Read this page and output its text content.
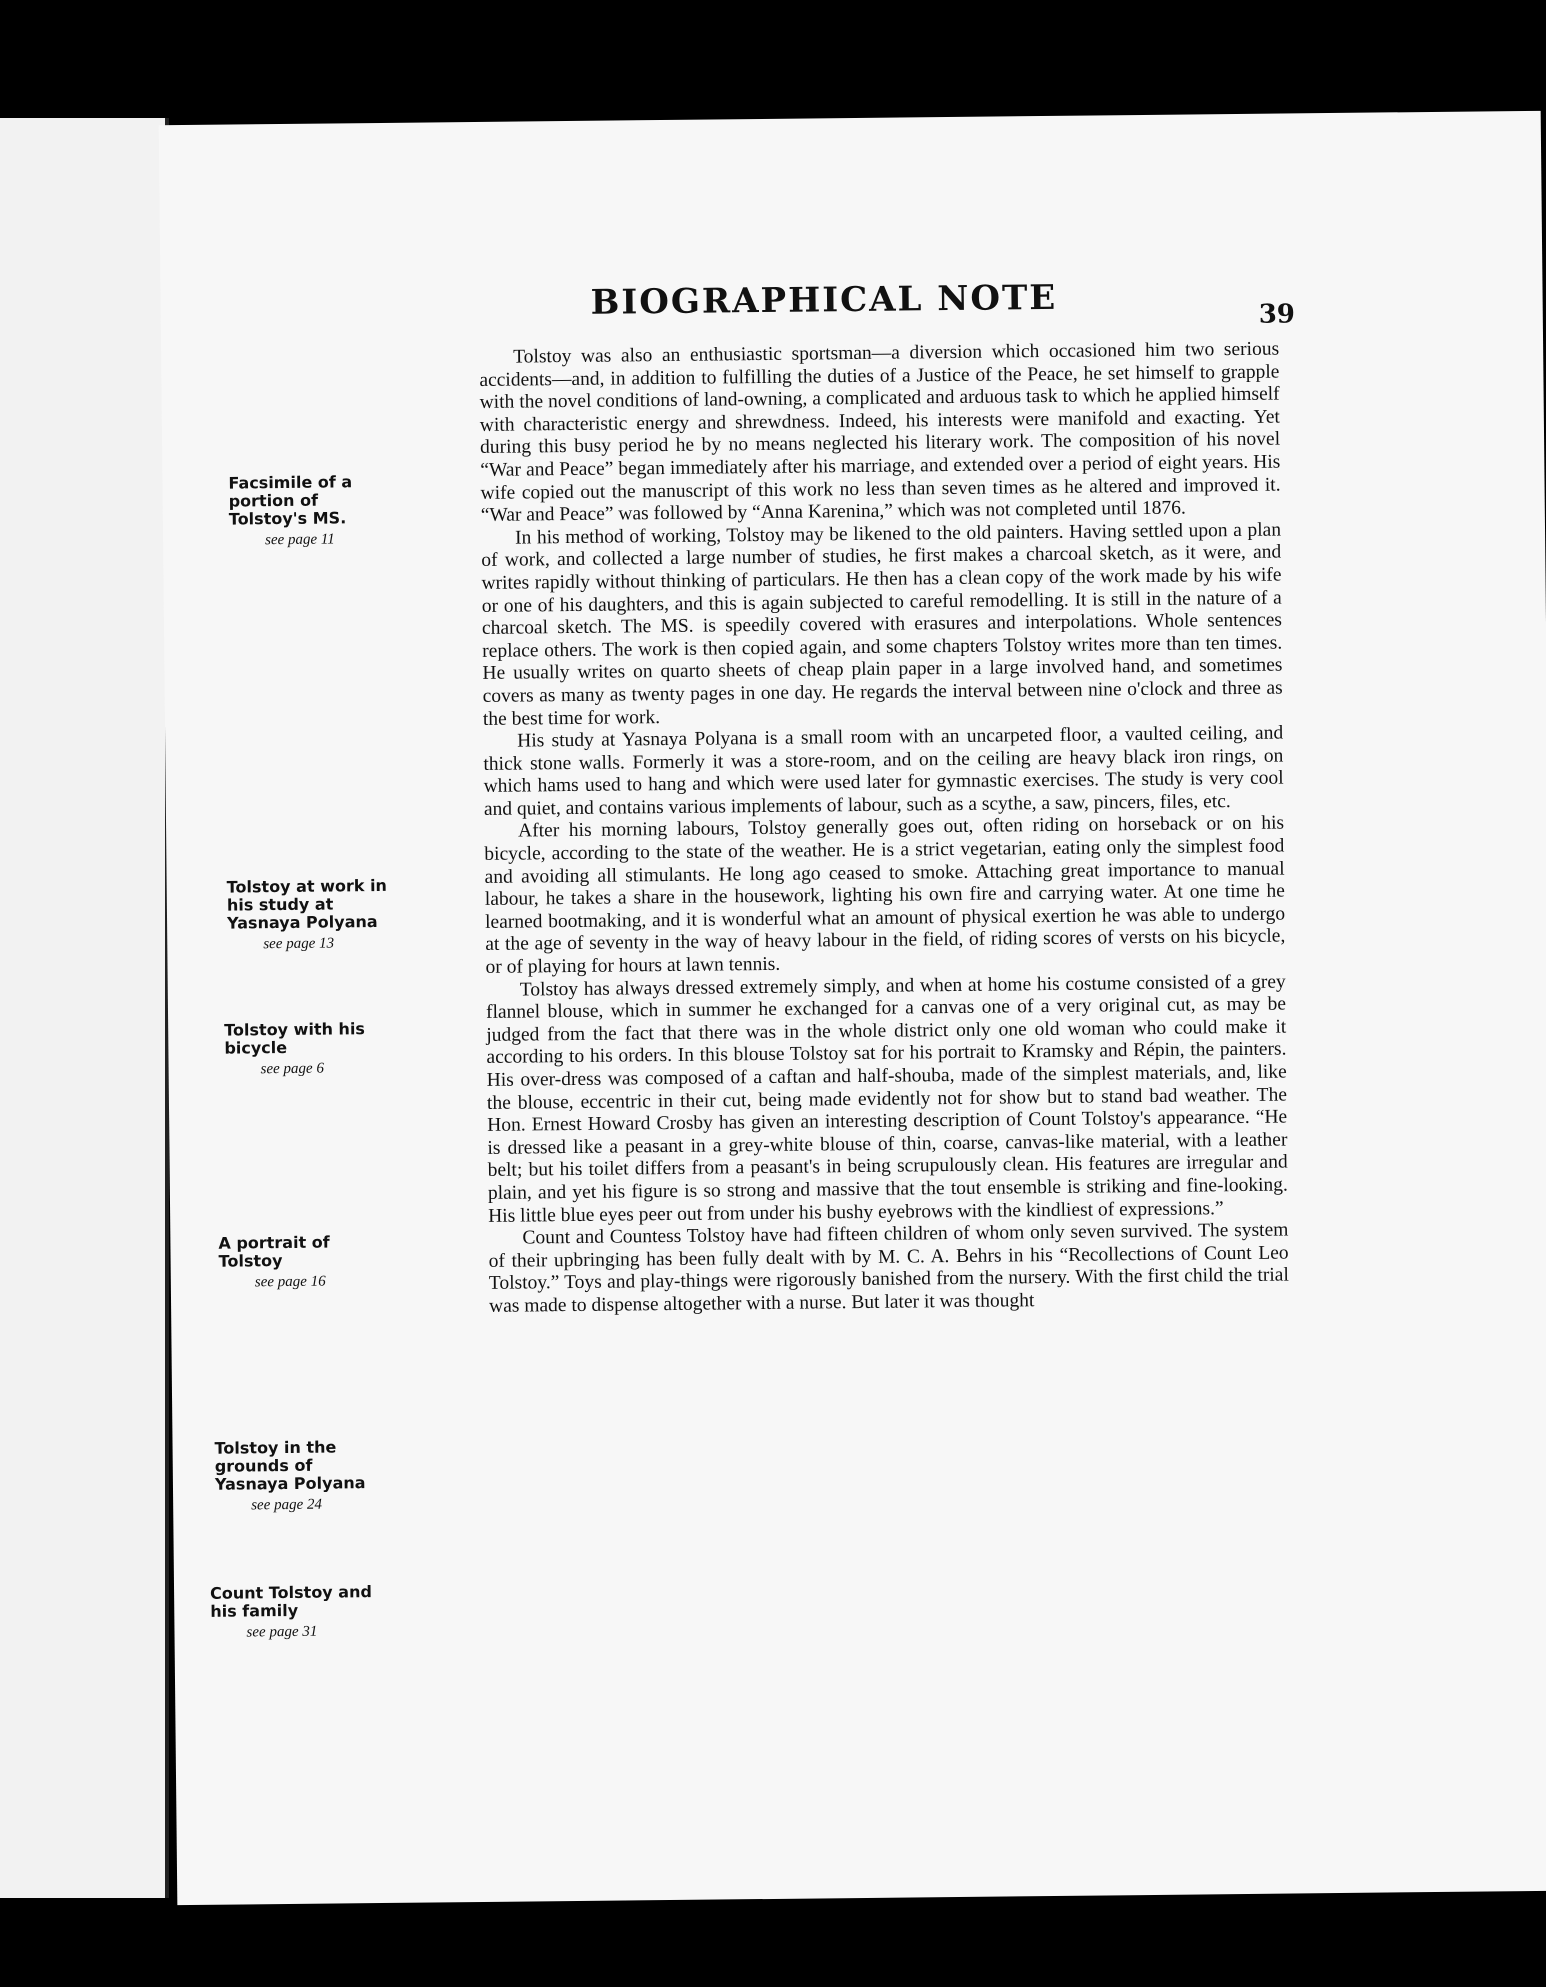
BIOGRAPHICAL NOTE	39
Facsimile of a portion of Tolstoy's MS.
see page 11
Tolstoy at work in his study at Yasnaya Polyana
see page 13
Tolstoy with his bicycle
see page 6
A portrait of Tolstoy
see page 16
Tolstoy in the grounds of Yasnaya Polyana
see page 24
Count Tolstoy and his family
see page 31

Tolstoy was also an enthusiastic sportsman—a diversion which occasioned him two serious accidents—and, in addition to fulfilling the duties of a Justice of the Peace, he set himself to grapple with the novel conditions of land-owning, a complicated and arduous task to which he applied himself with characteristic energy and shrewdness. Indeed, his interests were manifold and exacting. Yet during this busy period he by no means neglected his literary work. The composition of his novel “War and Peace” began immediately after his marriage, and extended over a period of eight years. His wife copied out the manuscript of this work no less than seven times as he altered and improved it. “War and Peace” was followed by “Anna Karenina,” which was not completed until 1876.

In his method of working, Tolstoy may be likened to the old painters. Having settled upon a plan of work, and collected a large number of studies, he first makes a charcoal sketch, as it were, and writes rapidly without thinking of particulars. He then has a clean copy of the work made by his wife or one of his daughters, and this is again subjected to careful remodelling. It is still in the nature of a charcoal sketch. The MS. is speedily covered with erasures and interpolations. Whole sentences replace others. The work is then copied again, and some chapters Tolstoy writes more than ten times. He usually writes on quarto sheets of cheap plain paper in a large involved hand, and sometimes covers as many as twenty pages in one day. He regards the interval between nine o'clock and three as the best time for work.

His study at Yasnaya Polyana is a small room with an uncarpeted floor, a vaulted ceiling, and thick stone walls. Formerly it was a store-room, and on the ceiling are heavy black iron rings, on which hams used to hang and which were used later for gymnastic exercises. The study is very cool and quiet, and contains various implements of labour, such as a scythe, a saw, pincers, files, etc.

After his morning labours, Tolstoy generally goes out, often riding on horseback or on his bicycle, according to the state of the weather. He is a strict vegetarian, eating only the simplest food and avoiding all stimulants. He long ago ceased to smoke. Attaching great importance to manual labour, he takes a share in the housework, lighting his own fire and carrying water. At one time he learned bootmaking, and it is wonderful what an amount of physical exertion he was able to undergo at the age of seventy in the way of heavy labour in the field, of riding scores of versts on his bicycle, or of playing for hours at lawn tennis.

Tolstoy has always dressed extremely simply, and when at home his costume consisted of a grey flannel blouse, which in summer he exchanged for a canvas one of a very original cut, as may be judged from the fact that there was in the whole district only one old woman who could make it according to his orders. In this blouse Tolstoy sat for his portrait to Kramsky and Répin, the painters. His over-dress was composed of a caftan and half-shouba, made of the simplest materials, and, like the blouse, eccentric in their cut, being made evidently not for show but to stand bad weather. The Hon. Ernest Howard Crosby has given an interesting description of Count Tolstoy's appearance. “He is dressed like a peasant in a grey-white blouse of thin, coarse, canvas-like material, with a leather belt; but his toilet differs from a peasant's in being scrupulously clean. His features are irregular and plain, and yet his figure is so strong and massive that the tout ensemble is striking and fine-looking. His little blue eyes peer out from under his bushy eyebrows with the kindliest of expressions.”

Count and Countess Tolstoy have had fifteen children of whom only seven survived. The system of their upbringing has been fully dealt with by M. C. A. Behrs in his “Recollections of Count Leo Tolstoy.” Toys and play-things were rigorously banished from the nursery. With the first child the trial was made to dispense altogether with a nurse. But later it was thought
